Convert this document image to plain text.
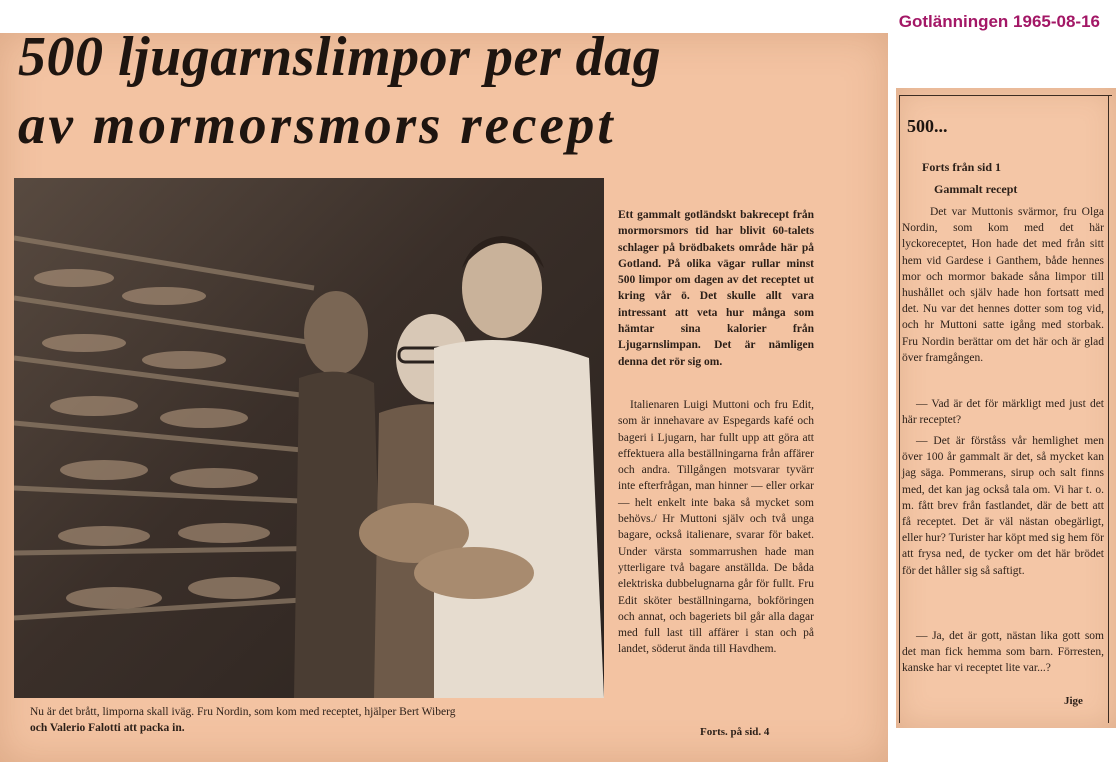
Gotlänningen 1965-08-16
500 ljugarnslimpor per dag
av mormorsmors recept
Nu är det brått, limporna skall iväg. Fru Nordin, som kom med receptet, hjälper Bert Wiberg
och Valerio Falotti att packa in.
Ett gammalt gotländskt bakrecept från mormorsmors tid har blivit 60-talets schlager på brödbakets område här på Gotland. På olika vägar rullar minst 500 limpor om dagen av det receptet ut kring vår ö. Det skulle allt vara intressant att veta hur många som hämtar sina kalorier från Ljugarnslimpan. Det är nämligen denna det rör sig om.
Italienaren Luigi Muttoni och fru Edit, som är innehavare av Espegards kafé och bageri i Ljugarn, har fullt upp att göra att effektuera alla beställningarna från affärer och andra. Tillgången motsvarar tyvärr inte efterfrågan, man hinner — eller orkar — helt enkelt inte baka så mycket som behövs./ Hr Muttoni själv och två unga bagare, också italienare, svarar för baket. Under värsta sommarrushen hade man ytterligare två bagare anställda. De båda elektriska dubbelugnarna går för fullt. Fru Edit sköter beställningarna, bokföringen och annat, och bageriets bil går alla dagar med full last till affärer i stan och på landet, söderut ända till Havdhem.
Forts. på sid. 4
500...
Forts från sid 1
Gammalt recept
Det var Muttonis svärmor, fru Olga Nordin, som kom med det här lyckoreceptet, Hon hade det med från sitt hem vid Gardese i Ganthem, både hennes mor och mormor bakade såna limpor till hushållet och själv hade hon fortsatt med det. Nu var det hennes dotter som tog vid, och hr Muttoni satte igång med storbak. Fru Nordin berättar om det här och är glad över framgången.
— Vad är det för märkligt med just det här receptet?
— Det är förståss vår hemlighet men över 100 år gammalt är det, så mycket kan jag säga. Pommerans, sirup och salt finns med, det kan jag också tala om. Vi har t. o. m. fått brev från fastlandet, där de bett att få receptet. Det är väl nästan obegärligt, eller hur? Turister har köpt med sig hem för att frysa ned, de tycker om det här brödet för det håller sig så saftigt.
— Ja, det är gott, nästan lika gott som det man fick hemma som barn. Förresten, kanske har vi receptet lite var...?
Jige
